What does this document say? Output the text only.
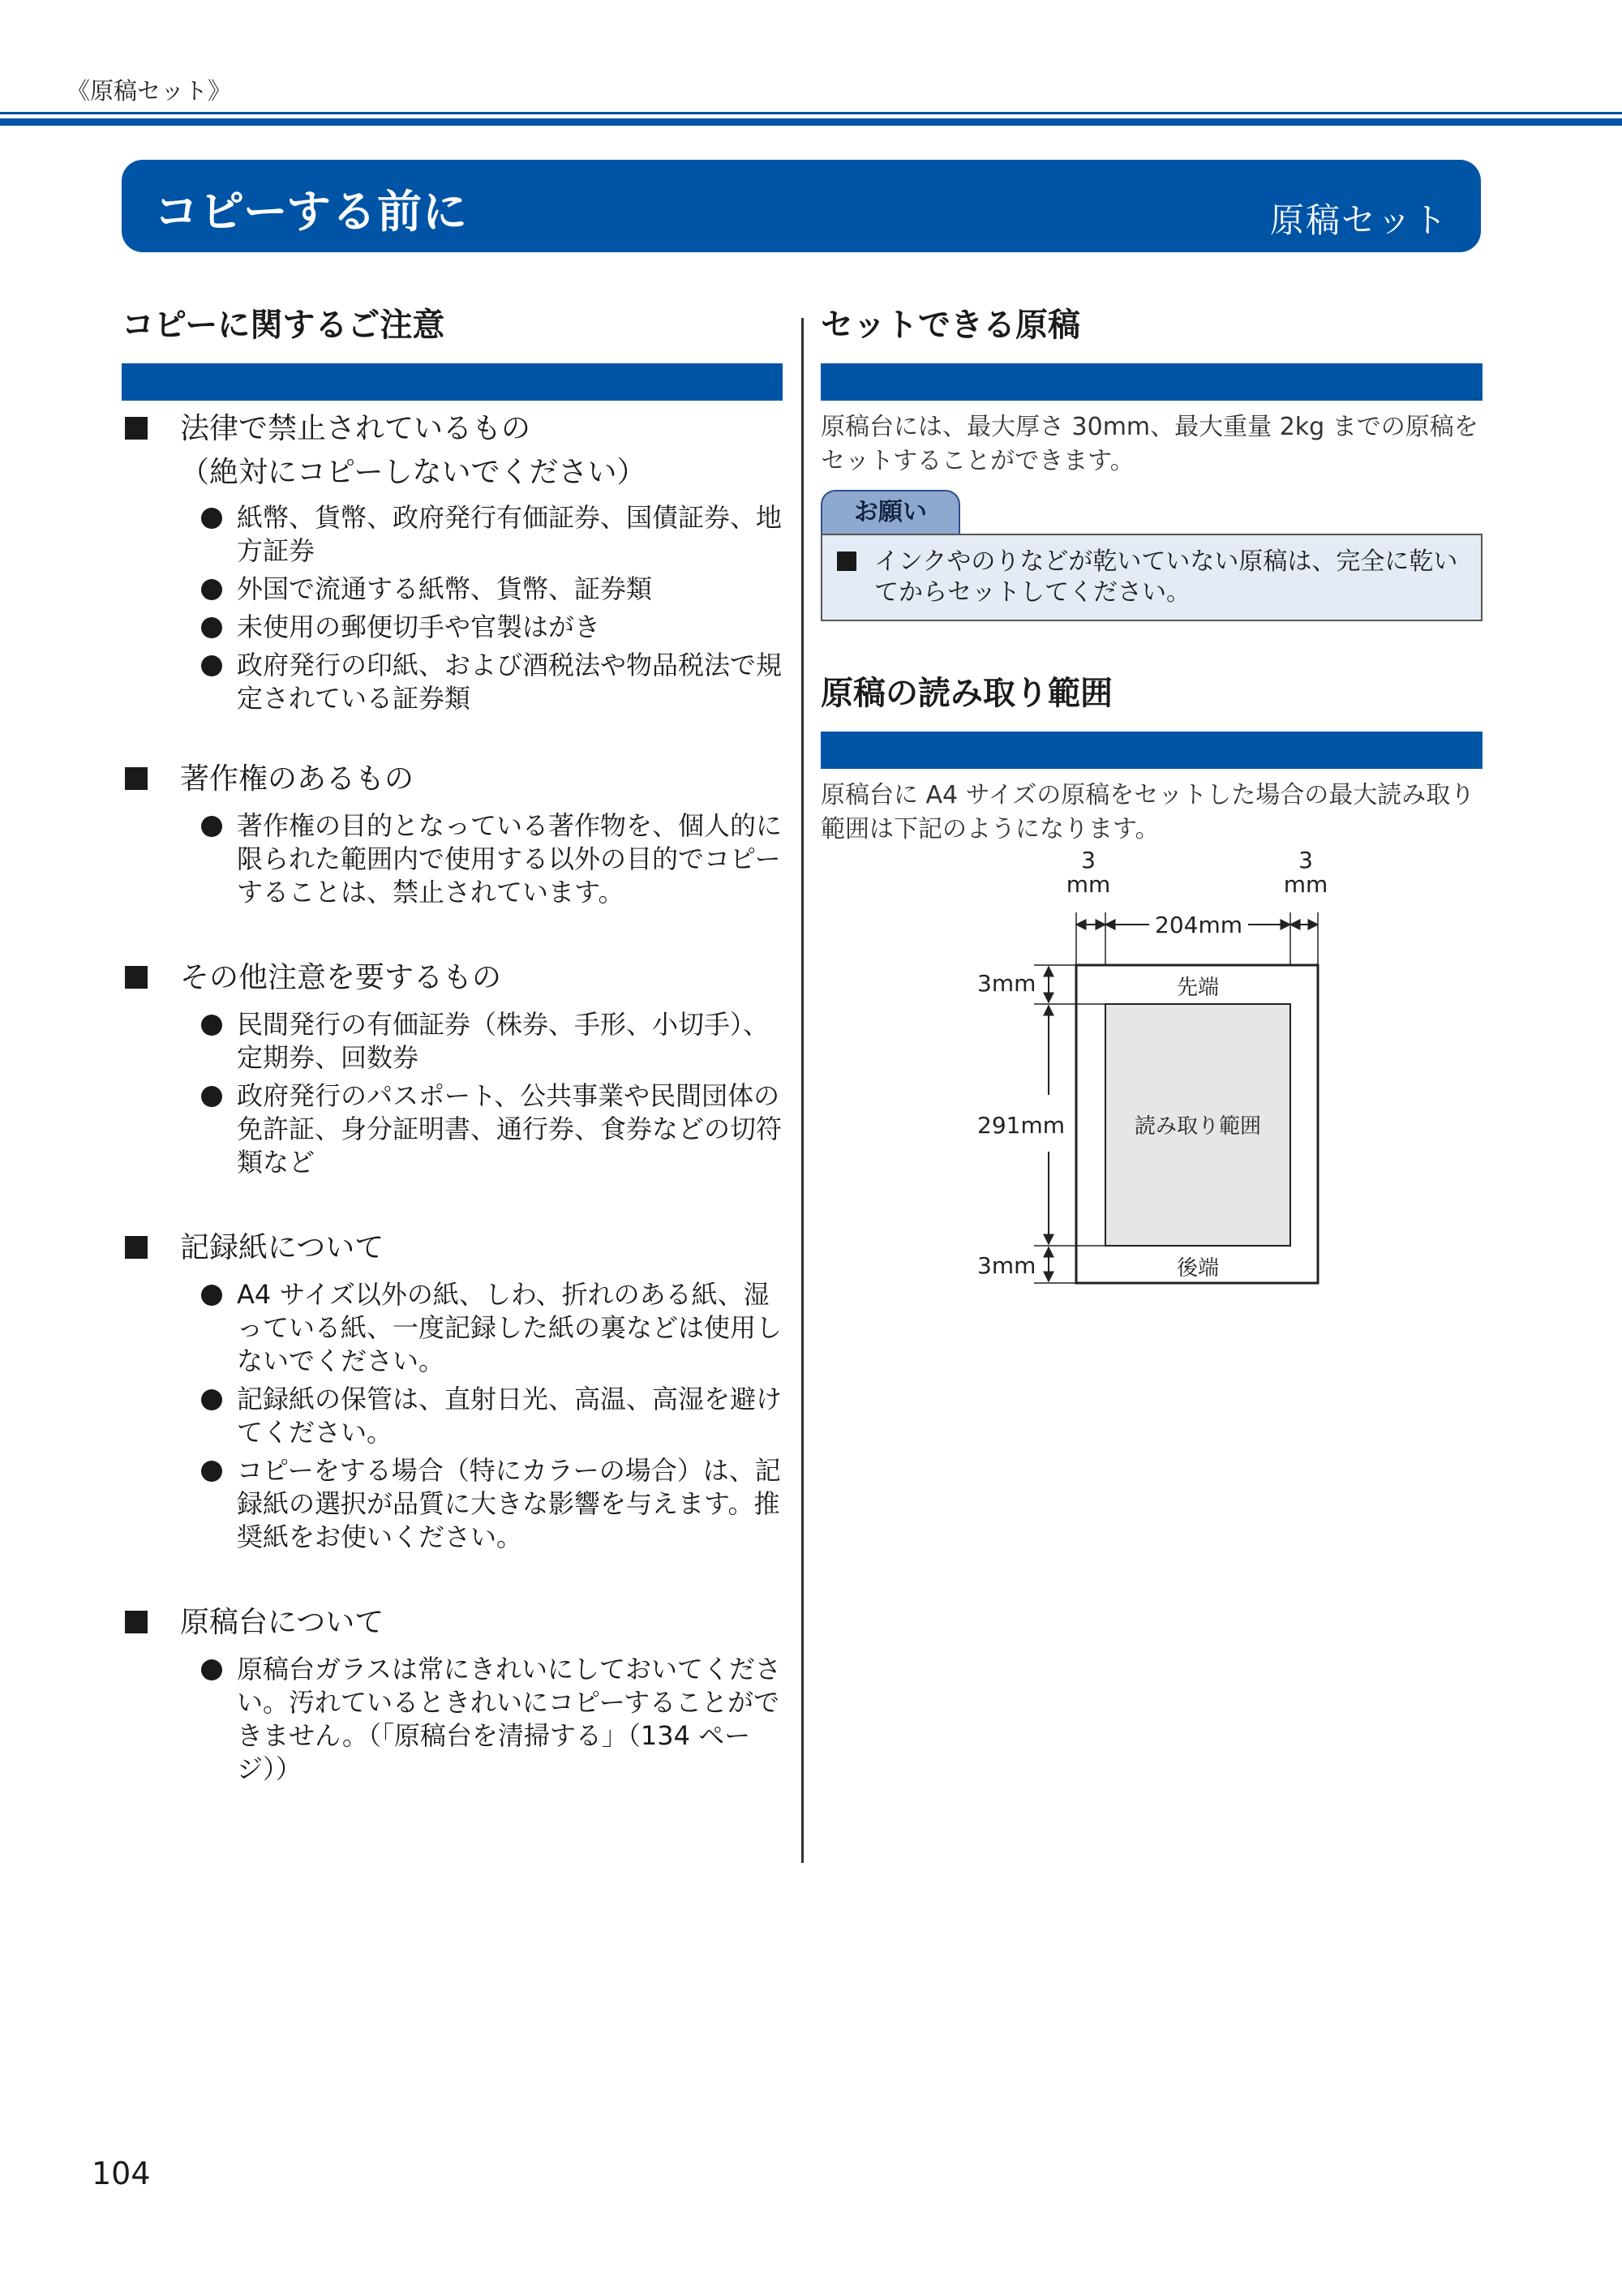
《原稿セット》
コピーする前に	原稿セット
コピーに関するご注意
法律で禁止されているもの
（絶対にコピーしないでください）
紙幣、貨幣、政府発行有価証券、国債証券、地方証券
外国で流通する紙幣、貨幣、証券類
未使用の郵便切手や官製はがき
政府発行の印紙、および酒税法や物品税法で規定されている証券類
著作権のあるもの
著作権の目的となっている著作物を、個人的に限られた範囲内で使用する以外の目的でコピーすることは、禁止されています。
その他注意を要するもの
民間発行の有価証券（株券、手形、小切手）、定期券、回数券
政府発行のパスポート、公共事業や民間団体の免許証、身分証明書、通行券、食券などの切符類など
記録紙について
A4 サイズ以外の紙、しわ、折れのある紙、湿っている紙、一度記録した紙の裏などは使用しないでください。
記録紙の保管は、直射日光、高温、高湿を避けてください。
コピーをする場合（特にカラーの場合）は、記録紙の選択が品質に大きな影響を与えます。推奨紙をお使いください。
原稿台について
原稿台ガラスは常にきれいにしておいてください。汚れているときれいにコピーすることができません。（「原稿台を清掃する」（134 ページ））
セットできる原稿
原稿台には、最大厚さ 30mm、最大重量 2kg までの原稿をセットすることができます。
お願い
インクやのりなどが乾いていない原稿は、完全に乾いてからセットしてください。
原稿の読み取り範囲
原稿台に A4 サイズの原稿をセットした場合の最大読み取り範囲は下記のようになります。
3
mm
3
mm
204mm
先端
読み取り範囲
後端
3mm
291mm
3mm
104
